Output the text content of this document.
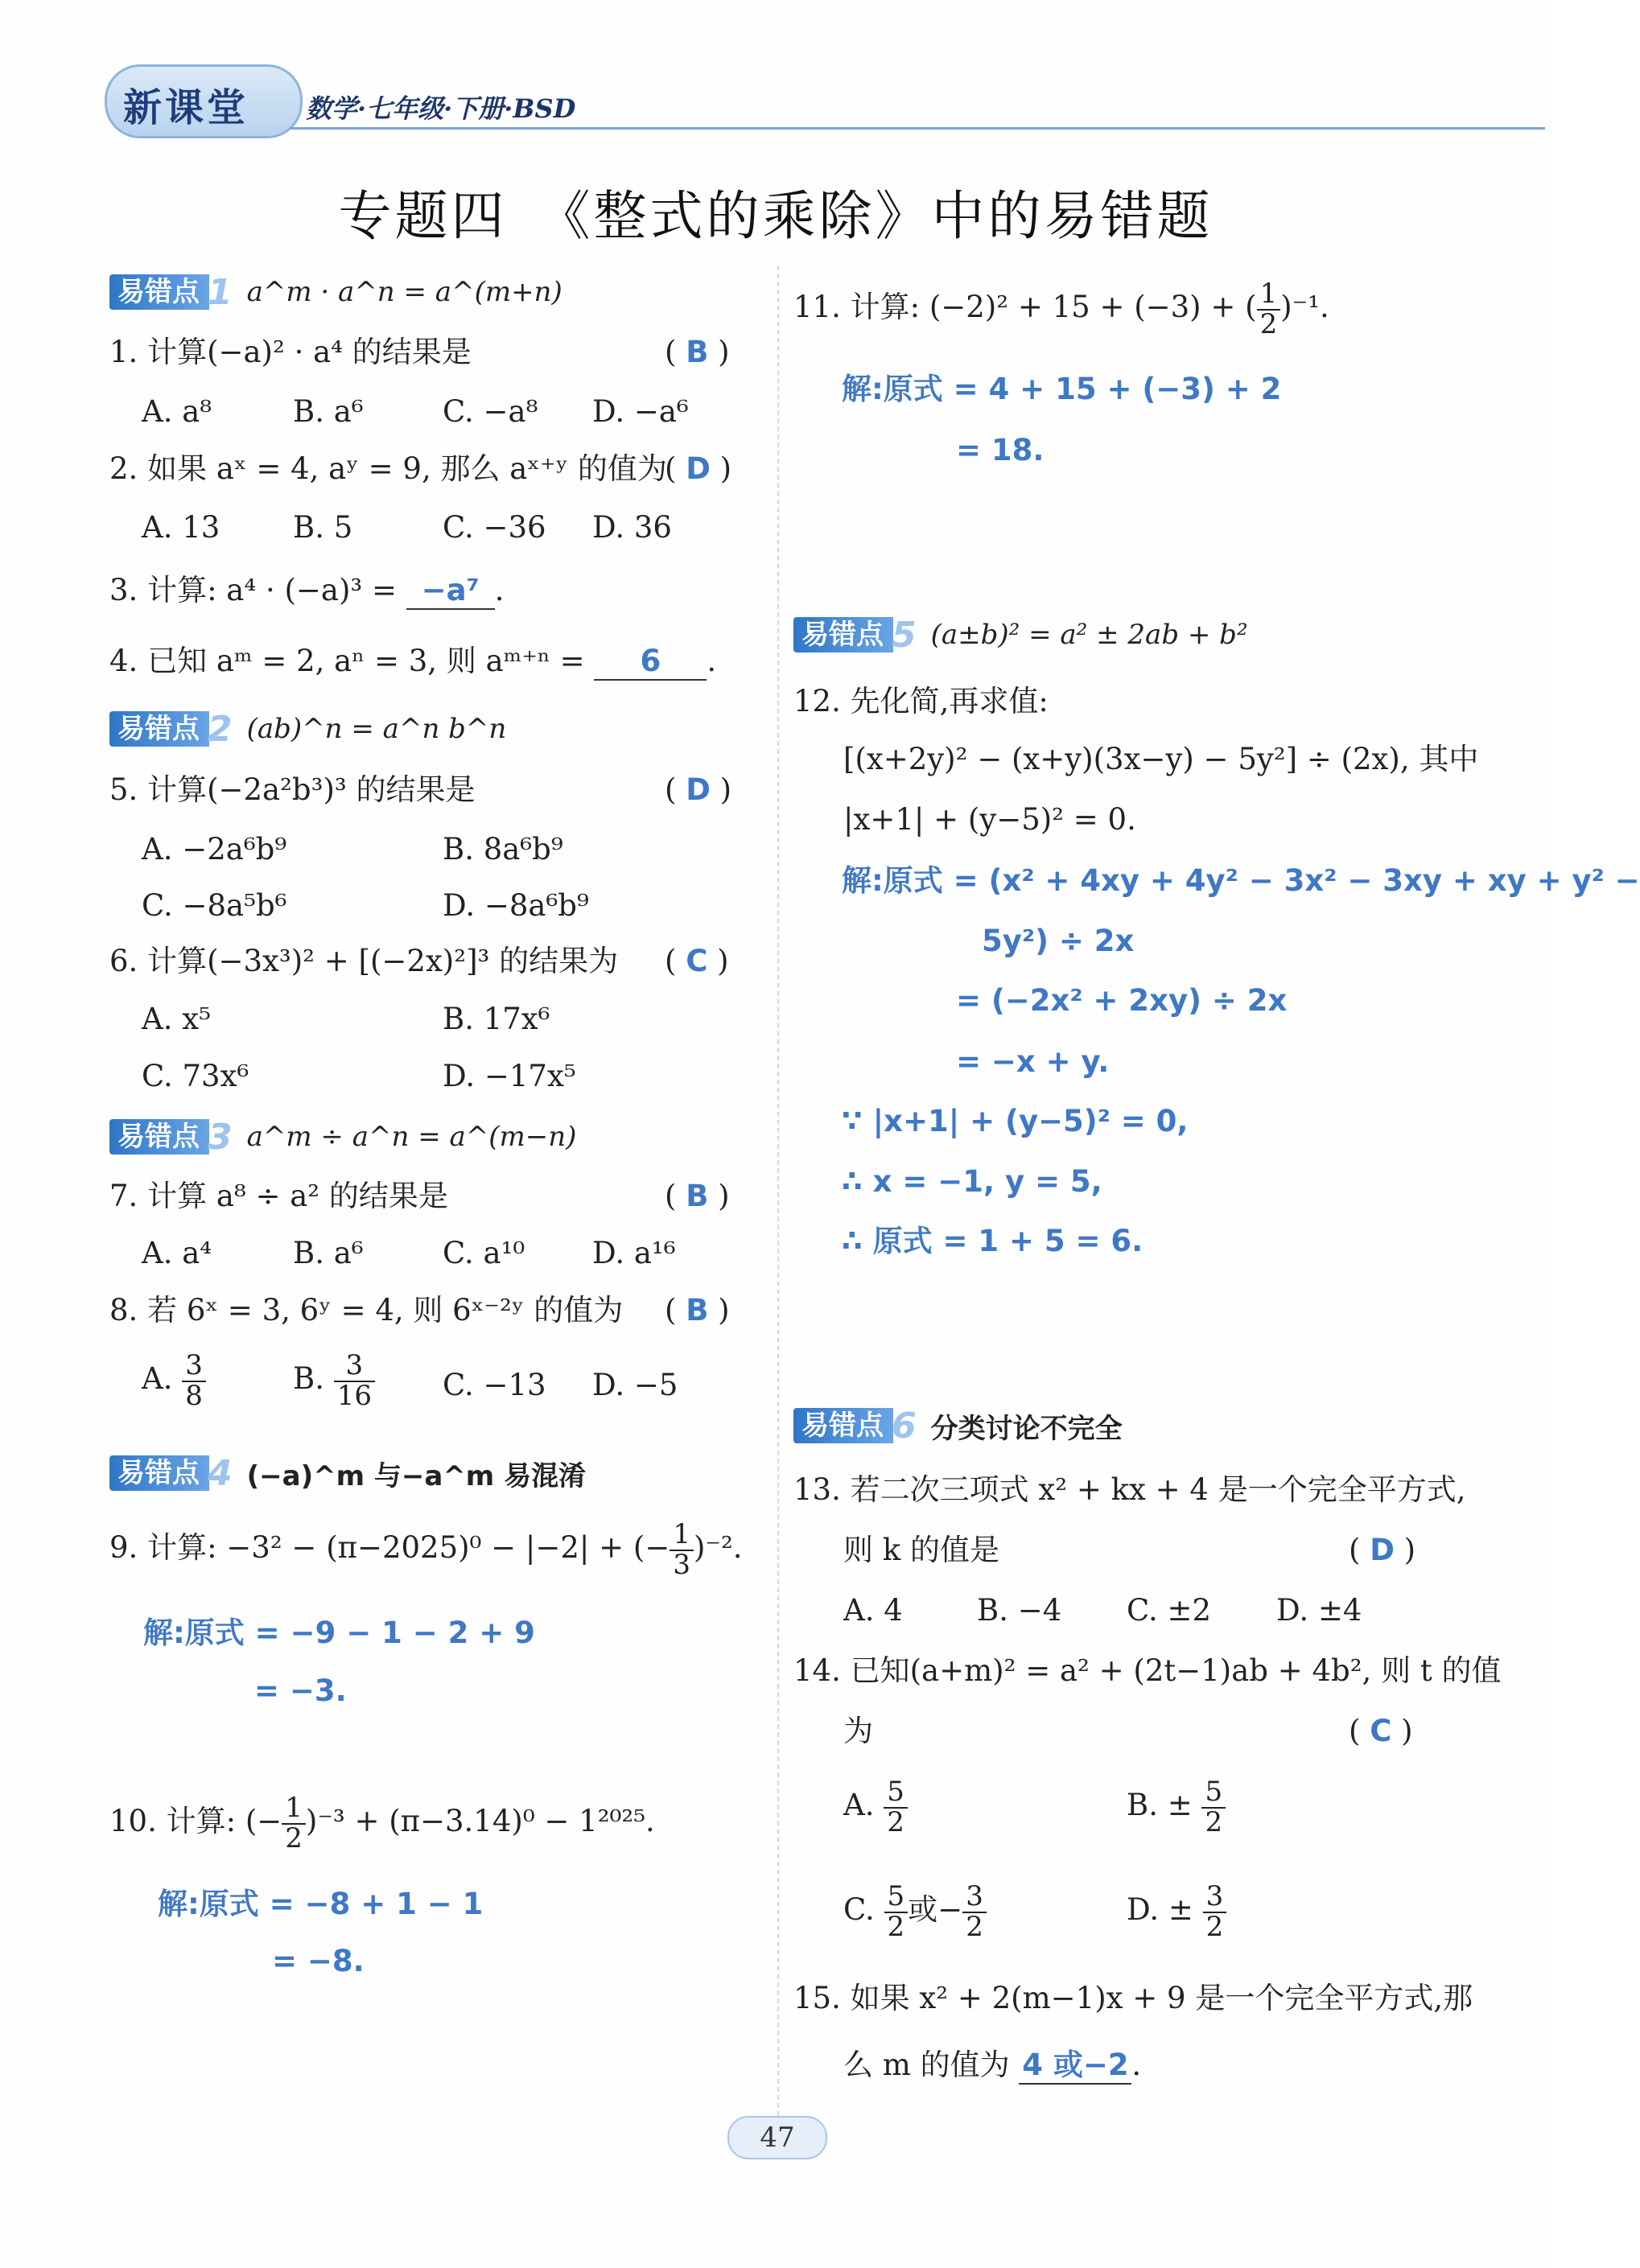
新课堂 数学·七年级·下册·BSD
专题四　《整式的乘除》中的易错题
易错点 1 a^m · a^n = a^(m+n)
1. 计算(−a)² · a⁴ 的结果是	( B )
A. a⁸	B. a⁶	C. −a⁸ D. −a⁶
2. 如果 aˣ = 4, aʸ = 9, 那么 aˣ⁺ʸ 的值为
( D )
A. 13 B. 5	C. −36 D. 36
3. 计算: a⁴ · (−a)³ = −a⁷ .
4. 已知 aᵐ = 2, aⁿ = 3, 则 aᵐ⁺ⁿ = 6 .
易错点 2 (ab)^n = a^n b^n
5. 计算(−2a²b³)³ 的结果是	( D )
A. −2a⁶b⁹	B. 8a⁶b⁹
C. −8a⁵b⁶	D. −8a⁶b⁹
6. 计算(−3x³)² + [(−2x)²]³ 的结果为 ( C )
A. x⁵	B. 17x⁶
C. 73x⁶	D. −17x⁵
易错点 3 a^m ÷ a^n = a^(m−n)
7. 计算 a⁸ ÷ a² 的结果是	( B )
A. a⁴	B. a⁶	C. a¹⁰ D. a¹⁶
8. 若 6ˣ = 3, 6ʸ = 4, 则 6ˣ⁻²ʸ 的值为 ( B )
A. $\frac{3}{8}$	B. $\frac{3}{16} C$. −13 D. −5
易错点 4 (−a)^m 与−a^m 易混淆
9. 计算: −3² − (π−2025)⁰ − |−2| + (− $\frac{1}{3} )^{-2}$.
解:原式 = −9 − 1 − 2 + 9
= −3.
10. 计算: (− $\frac{1}{2} )^{-3} + (\pi-3.14)^0 - 1^{2025}$.
解:原式 = −8 + 1 − 1
= −8.
11. 计算: (−2)² + 15 + (−3) + ( $\frac{1}{2} )^{-1}$.
解:原式 = 4 + 15 + (−3) + 2
= 18.
易错点 5 (a±b)² = a² ± 2ab + b²
12. 先化简,再求值:
[(x+2y)² − (x+y)(3x−y) − 5y²] ÷ (2x), 其中
|x+1| + (y−5)² = 0.
解:原式 = (x² + 4xy + 4y² − 3x² − 3xy + xy + y² −
5y²) ÷ 2x
= (−2x² + 2xy) ÷ 2x
= −x + y.
∵ |x+1| + (y−5)² = 0,
∴ x = −1, y = 5,
∴ 原式 = 1 + 5 = 6.
易错点 6 分类讨论不完全
13. 若二次三项式 x² + kx + 4 是一个完全平方式,
则 k 的值是	( D )
A. 4 B. −4 C. ±2 D. ±4
14. 已知(a+m)² = a² + (2t−1)ab + 4b², 则 t 的值
为	( C )
A. $\frac{5}{2}$	B. ± $\frac{5}{2}$
C. $\frac{5}{2}$ 或− $\frac{3}{2}$	D. ± $\frac{3}{2}$
15. 如果 x² + 2(m−1)x + 9 是一个完全平方式,那
么 m 的值为 4 或−2 .
47
